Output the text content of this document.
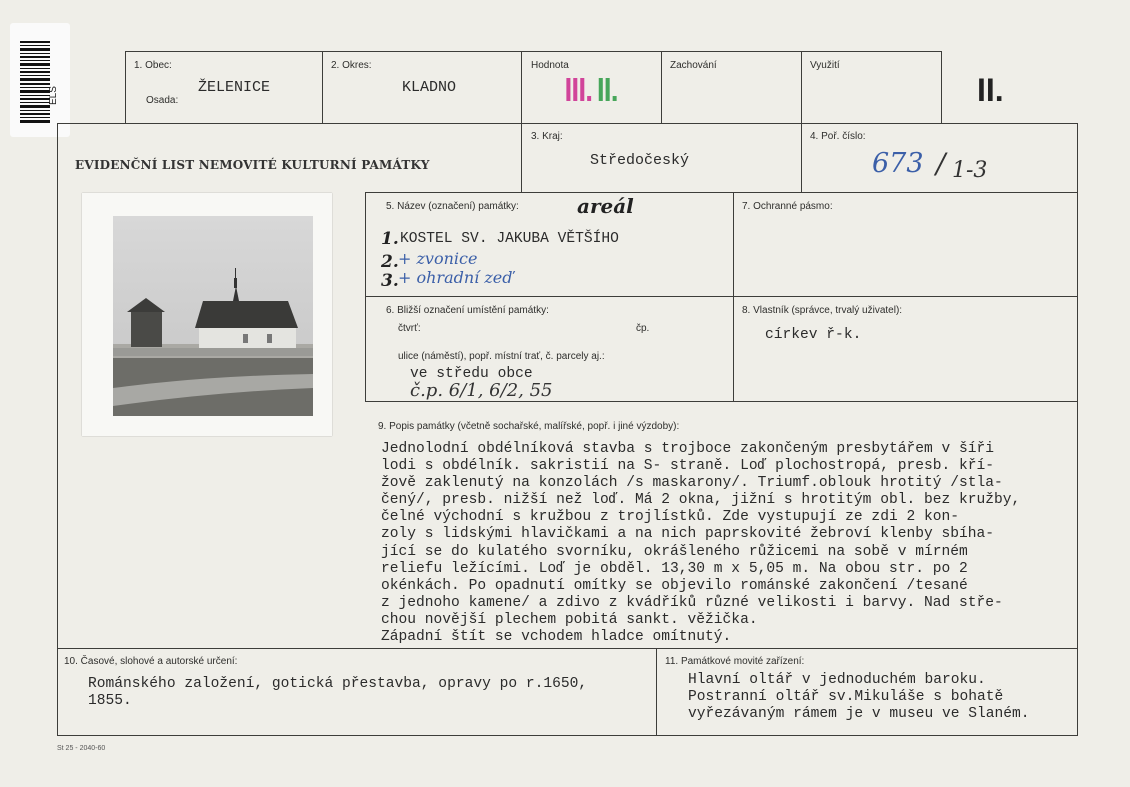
ELS
1. Obec:
Osada:
ŽELENICE
2. Okres:
KLADNO
Hodnota
III. II.
Zachování	Využití
II.
EVIDENČNÍ LIST NEMOVITÉ KULTURNÍ PAMÁTKY
3. Kraj:
Středočeský
4. Poř. číslo:
673 / 1-3
5. Název (označení) památky:	areál
1. KOSTEL SV. JAKUBA VĚTŠÍHO
2. + zvonice
3. + ohradní zeď
7. Ochranné pásmo:
6. Bližší označení umístění památky:
čtvrť:	čp.
ulice (náměstí), popř. místní trať, č. parcely aj.:
ve středu obce
č.p. 6/1, 6/2, 55
8. Vlastník (správce, trvalý uživatel):
církev ř-k.
9. Popis památky (včetně sochařské, malířské, popř. i jiné výzdoby):
Jednolodní obdélníková stavba s trojboce zakončeným presbytářem v šíři
lodi s obdélník. sakristií na S- straně. Loď plochostropá, presb. kří-
žově zaklenutý na konzolách /s maskarony/. Triumf.oblouk hrotitý /stla-
čený/, presb. nižší než loď. Má 2 okna, jižní s hrotitým obl. bez kružby,
čelné východní s kružbou z trojlístků. Zde vystupují ze zdi 2 kon-
zoly s lidskými hlavičkami a na nich paprskovité žebroví klenby sbíha-
jící se do kulatého svorníku, okrášleného růžicemi na sobě v mírném
reliefu ležícími. Loď je obděl. 13,30 m x 5,05 m. Na obou str. po 2
okénkách. Po opadnutí omítky se objevilo románské zakončení /tesané
z jednoho kamene/ a zdivo z kvádříků různé velikosti i barvy. Nad stře-
chou novější plechem pobitá sankt. věžička.
Západní štít se vchodem hladce omítnutý.
10. Časové, slohové a autorské určení:
Románského založení, gotická přestavba, opravy po r.1650,
1855.
11. Památkové movité zařízení:
Hlavní oltář v jednoduchém baroku.
Postranní oltář sv.Mikuláše s bohatě
vyřezávaným rámem je v museu ve Slaném.
St 25 - 2040-60
